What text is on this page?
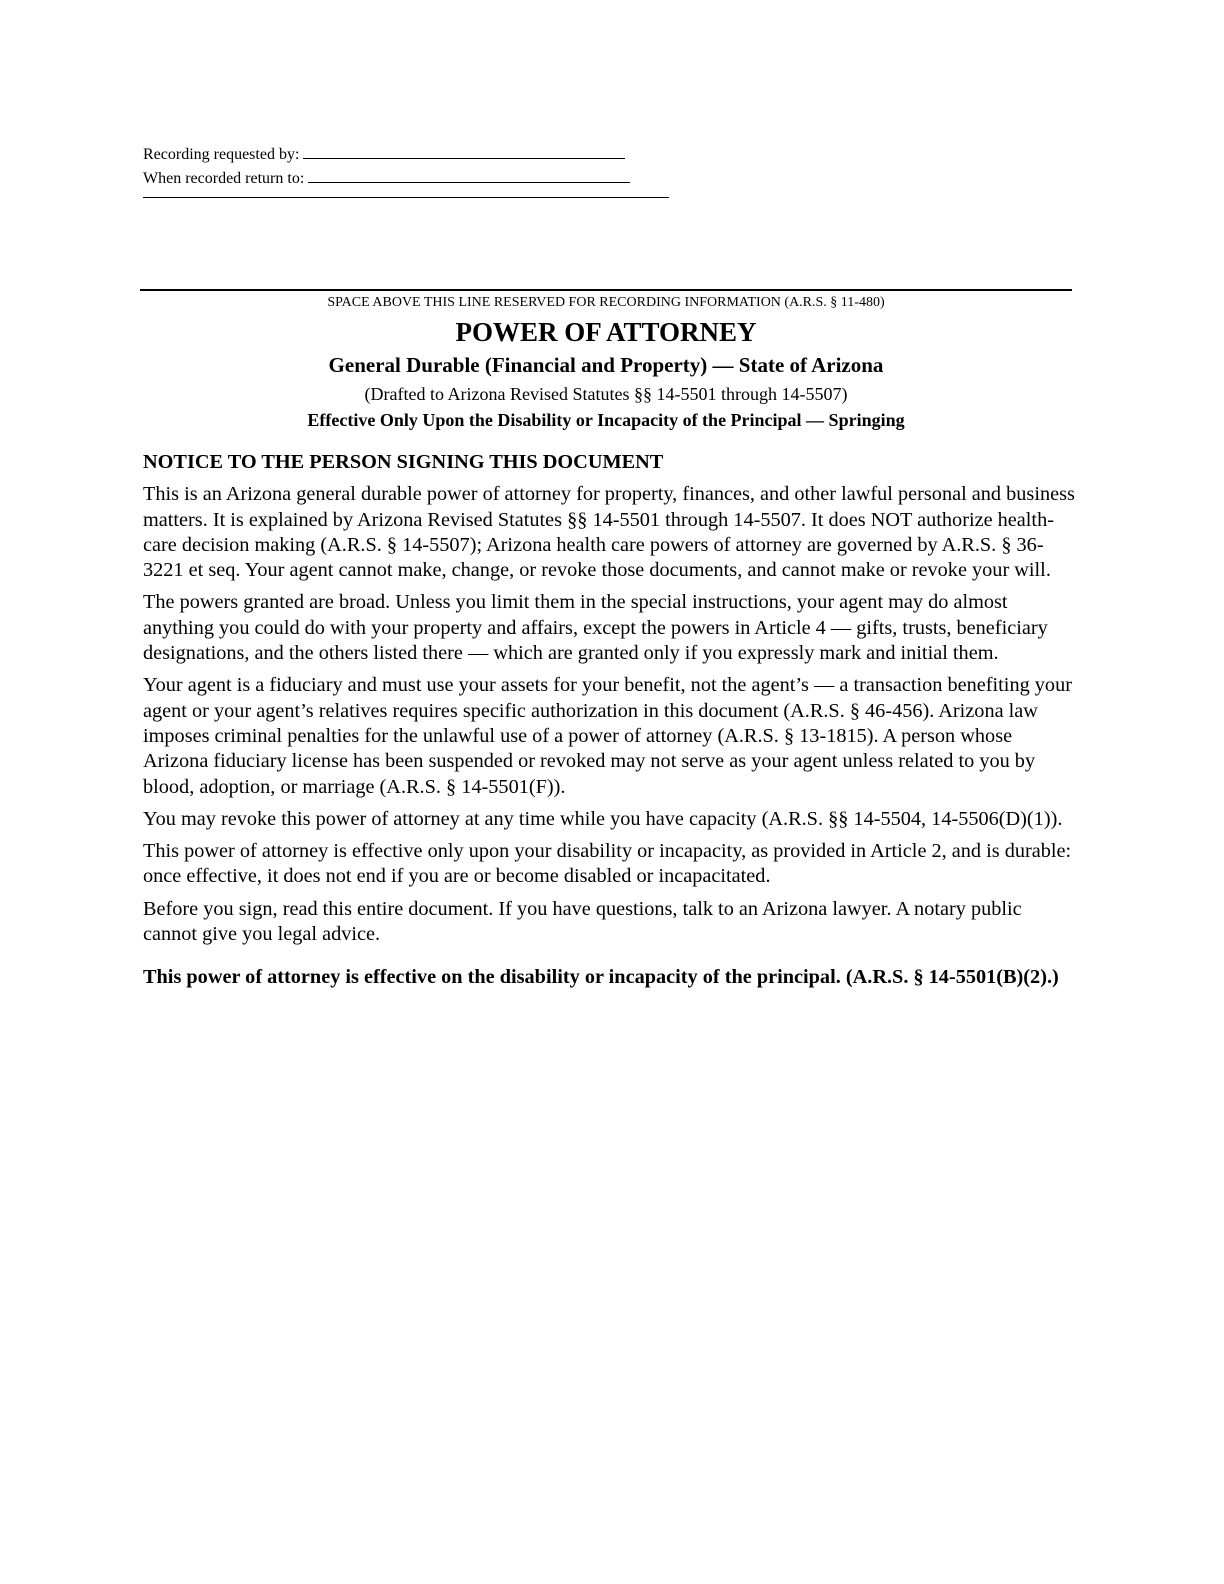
Recording requested by:
When recorded return to:

SPACE ABOVE THIS LINE RESERVED FOR RECORDING INFORMATION (A.R.S. § 11-480)

POWER OF ATTORNEY

General Durable (Financial and Property) — State of Arizona

(Drafted to Arizona Revised Statutes §§ 14-5501 through 14-5507)

Effective Only Upon the Disability or Incapacity of the Principal — Springing

NOTICE TO THE PERSON SIGNING THIS DOCUMENT

This is an Arizona general durable power of attorney for property, finances, and other lawful personal and business matters. It is explained by Arizona Revised Statutes §§ 14-5501 through 14-5507. It does NOT authorize health-care decision making (A.R.S. § 14-5507); Arizona health care powers of attorney are governed by A.R.S. § 36-3221 et seq. Your agent cannot make, change, or revoke those documents, and cannot make or revoke your will.

The powers granted are broad. Unless you limit them in the special instructions, your agent may do almost anything you could do with your property and affairs, except the powers in Article 4 — gifts, trusts, beneficiary designations, and the others listed there — which are granted only if you expressly mark and initial them.

Your agent is a fiduciary and must use your assets for your benefit, not the agent’s — a transaction benefiting your agent or your agent’s relatives requires specific authorization in this document (A.R.S. § 46-456). Arizona law imposes criminal penalties for the unlawful use of a power of attorney (A.R.S. § 13-1815). A person whose Arizona fiduciary license has been suspended or revoked may not serve as your agent unless related to you by blood, adoption, or marriage (A.R.S. § 14-5501(F)).

You may revoke this power of attorney at any time while you have capacity (A.R.S. §§ 14-5504, 14-5506(D)(1)).

This power of attorney is effective only upon your disability or incapacity, as provided in Article 2, and is durable: once effective, it does not end if you are or become disabled or incapacitated.

Before you sign, read this entire document. If you have questions, talk to an Arizona lawyer. A notary public cannot give you legal advice.

This power of attorney is effective on the disability or incapacity of the principal. (A.R.S. § 14-5501(B)(2).)
